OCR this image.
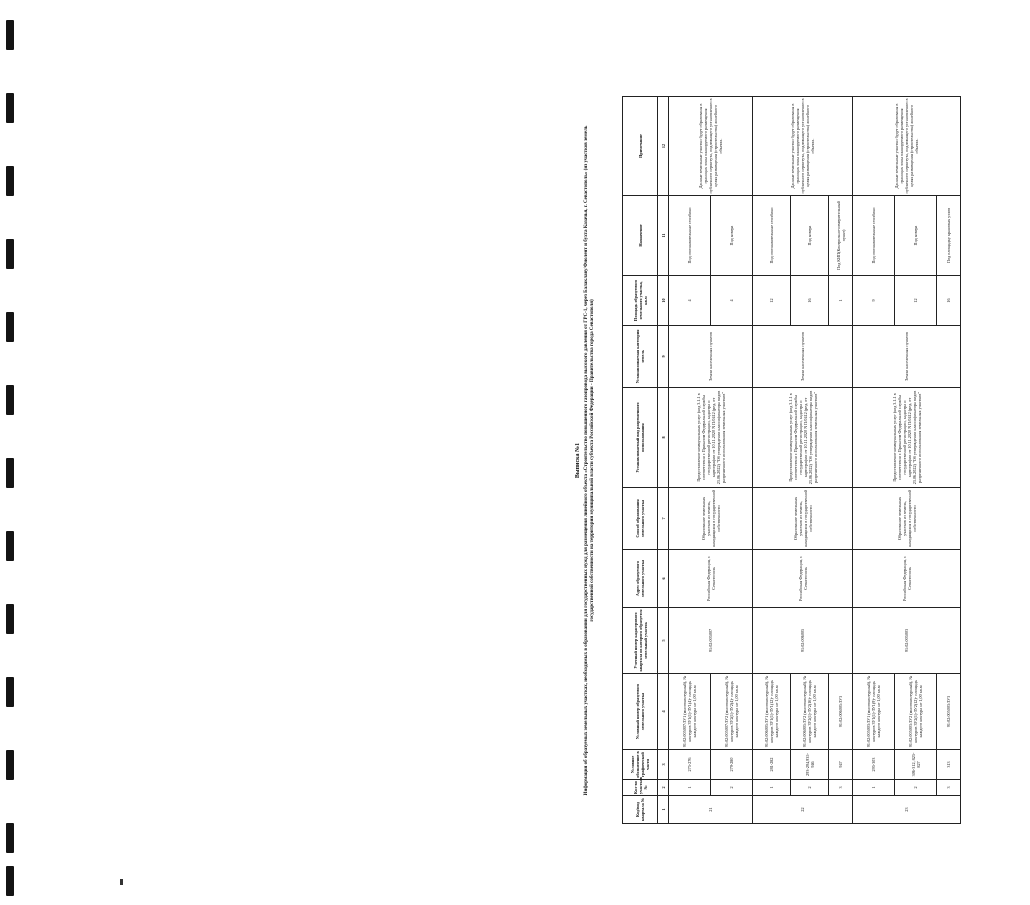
Выписка №1 Информация об образуемых земельных участках, необходимых в образовании для государственных нужд для размещения линейного объекта «Строительство повышенного газопровода высокого давления от ГРС-1, через Балаклаву/Фиолент и бухта Казачья, г. Севастополь» (из участков земель государственной собственности на территории муниципальной власти субъекта Российской Федерации - Правительства города Севастополя)
Код/вид квартала №	Кол-во участков №	Условное обозначение в графической части	Условный номер образуемого земельного участка	Учетный номер кадастрового квартала из которого образуется земельный участок	Адрес образуемого земельного участка	Способ образования земельного участка	Устанавливаемый вид разрешенного использования	Устанавливаемая категория земель	Площадь образуемого земельного участка, кв.м	Назначение	Примечание
1	2	3	4	5	6	7	8	9	10	11	12
21	1	275-276	91:02:005007:ЗУ1 (многоконтурный), № контуров ЗУ1(1)-ЗУ1(4)- площадь каждого контура не 1,00 кв.м	91:02:005007	Российская Федерация, г. Севастополь	Образование земельных участков из земель, находящихся в государственной собственности	Предоставление коммунальных услуг (код 3.1.1 в соответствии с Приказом Федеральной службы государственной регистрации, кадастра и картографии от 10.11.2020 N П/0412 (ред. от 23.06.2022) "Об утверждении классификатора видов разрешенного использования земельных участков"	Земли населенных пунктов	4	Под опознавательные столбики	Данные земельные участки будут образованы в границах зоны планируемого размещения публичного сервитута, подлежащего установлению в целях размещения (строительства) линейного объекта.
	2	279-280	91:02:005007:ЗУ2 (многоконтурный), № контуров ЗУ2(1)-ЗУ2(4)- площадь каждого контура не 1,00 кв.м						4	Под ковера	
22	1	281-282	91:02:006005:ЗУ1 (многоконтурный), № контуров ЗУ1(1)-ЗУ1(12)- площадь каждого контура не 1,00 кв.м	91:02:006005	Российская Федерация, г. Севастополь	Образование земельных участков из земель, находящихся в государственной собственности	Предоставление коммунальных услуг (код 3.1.1 в соответствии с Приказом Федеральной службы государственной регистрации, кадастра и картографии от 10.11.2020 N П/0412 (ред. от 23.06.2022) "Об утверждении классификатора видов разрешенного использования земельных участков"	Земли населенных пунктов	12	Под опознавательные столбики	Данные земельные участки будут образованы в границах зоны планируемого размещения публичного сервитута, подлежащего установлению в целях размещения (строительства) линейного объекта.
	2	293-294,935-946	91:02:006005:ЗУ2 (многоконтурный), № контуров ЗУ2(1)-ЗУ2(16)- площадь каждого контура не 1,00 кв.м						16	Под ковера	
	3	947	91:02:006005:ЗУ3						1	Под КИП(Контрольно-измерительный пункт)	
23	1	295-303	91:02:005003:ЗУ1 (многоконтурный), № контуров ЗУ1(1)-ЗУ1(9)- площадь каждого контура не 1,00 кв.м	91:02:005003	Российская Федерация, г. Севастополь	Образование земельных участков из земель, находящихся в государственной собственности	Предоставление коммунальных услуг (код 3.1.1 в соответствии с Приказом Федеральной службы государственной регистрации, кадастра и картографии от 10.11.2020 N П/0412 (ред. от 23.06.2022) "Об утверждении классификатора видов разрешенного использования земельных участков"	Земли населенных пунктов	9	Под опознавательные столбики	Данные земельные участки будут образованы в границах зоны планируемого размещения публичного сервитута, подлежащего установлению в целях размещения (строительства) линейного объекта.
	2	306-312, 825-827	91:02:005003:ЗУ2 (многоконтурный), № контуров ЗУ2(1)-ЗУ2(12)- площадь каждого контура не 1,00 кв.м						12	Под ковера	
	3	313	91:02:005003:ЗУ3						16	Под площадку крановых узлов	
